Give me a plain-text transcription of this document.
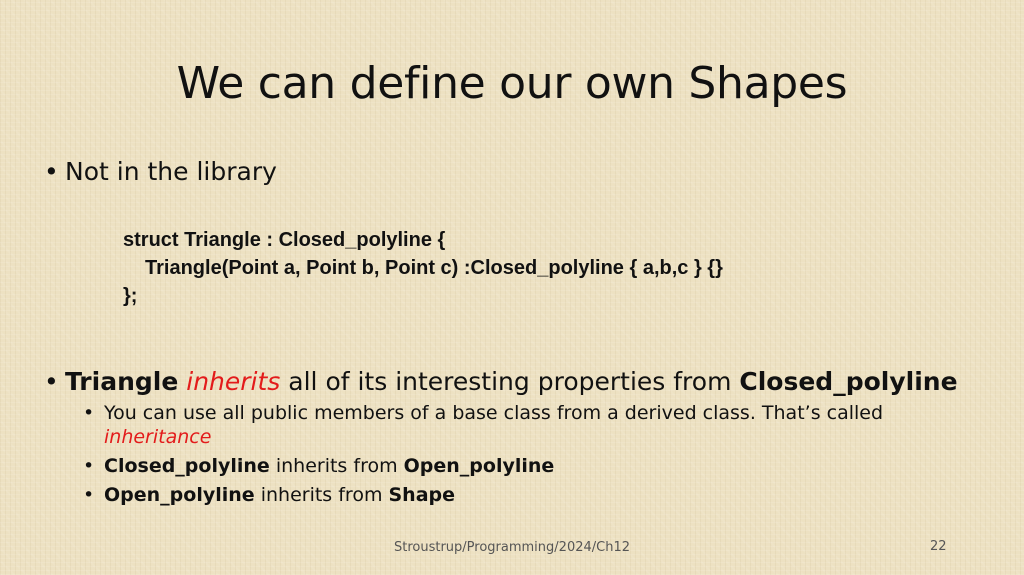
We can define our own Shapes
• Not in the library
struct Triangle : Closed_polyline {
Triangle(Point a, Point b, Point c) :Closed_polyline { a,b,c } {}
};
• Triangle inherits all of its interesting properties from Closed_polyline
• You can use all public members of a base class from a derived class. That’s called
inheritance
• Closed_polyline inherits from Open_polyline
• Open_polyline inherits from Shape
Stroustrup/Programming/2024/Ch12	22
